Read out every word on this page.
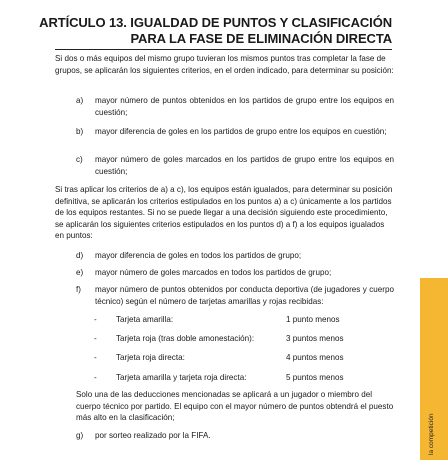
ARTÍCULO 13. IGUALDAD DE PUNTOS Y CLASIFICACIÓN
PARA LA FASE DE ELIMINACIÓN DIRECTA

Si dos o más equipos del mismo grupo tuvieran los mismos puntos tras completar la fase de grupos, se aplicarán los siguientes criterios, en el orden indicado, para determinar su posición:

a) mayor número de puntos obtenidos en los partidos de grupo entre los equipos en cuestión;
b) mayor diferencia de goles en los partidos de grupo entre los equipos en cuestión;
c) mayor número de goles marcados en los partidos de grupo entre los equipos en cuestión;

Si tras aplicar los criterios de a) a c), los equipos están igualados, para determinar su posición definitiva, se aplicarán los criterios estipulados en los puntos a) a c) únicamente a los partidos de los equipos restantes. Si no se puede llegar a una decisión siguiendo este procedimiento, se aplicarán los siguientes criterios estipulados en los puntos d) a f) a los equipos igualados en puntos:

d) mayor diferencia de goles en todos los partidos de grupo;
e) mayor número de goles marcados en todos los partidos de grupo;
f) mayor número de puntos obtenidos por conducta deportiva (de jugadores y cuerpo técnico) según el número de tarjetas amarillas y rojas recibidas:
- Tarjeta amarilla:	1 punto menos
- Tarjeta roja (tras doble amonestación):	3 puntos menos
- Tarjeta roja directa:	4 puntos menos
- Tarjeta amarilla y tarjeta roja directa:	5 puntos menos

Solo una de las deducciones mencionadas se aplicará a un jugador o miembro del cuerpo técnico por partido. El equipo con el mayor número de puntos obtendrá el puesto más alto en la clasificación;

g) por sorteo realizado por la FIFA.	la competición
